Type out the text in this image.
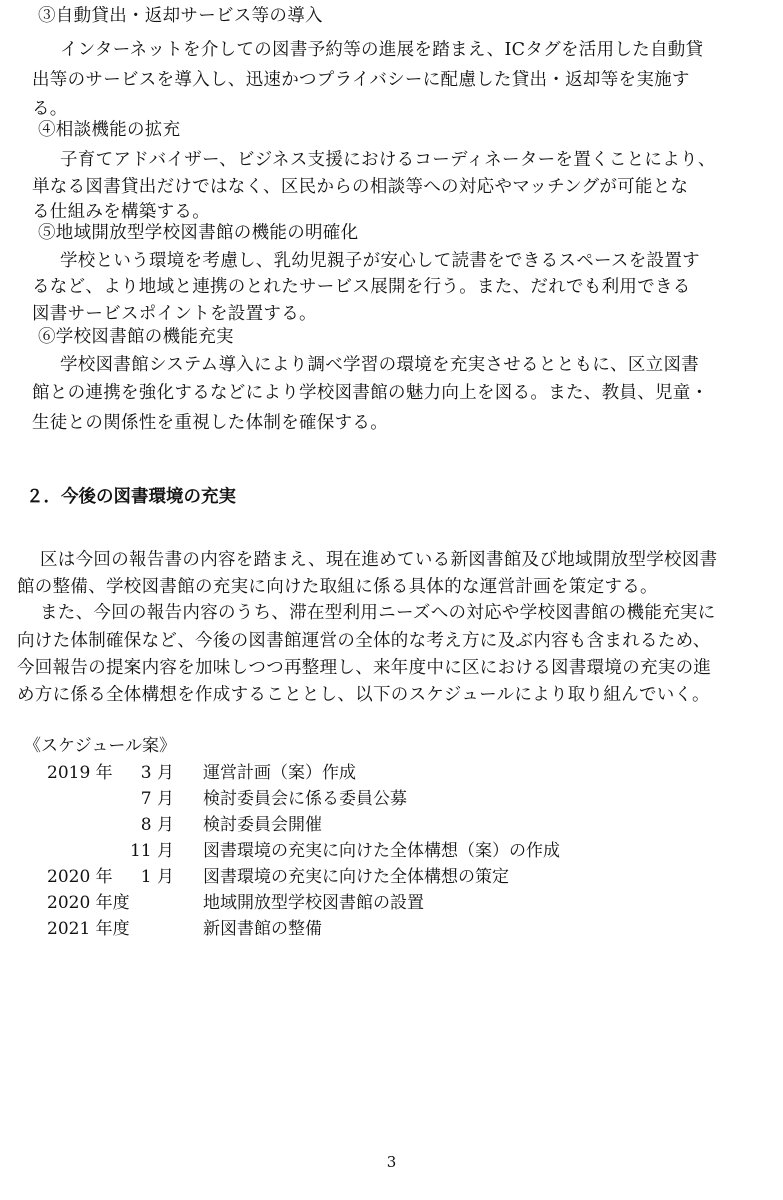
③自動貸出・返却サービス等の導入
インターネットを介しての図書予約等の進展を踏まえ、ICタグを活用した自動貸
出等のサービスを導入し、迅速かつプライバシーに配慮した貸出・返却等を実施す
る。
④相談機能の拡充
子育てアドバイザー、ビジネス支援におけるコーディネーターを置くことにより、
単なる図書貸出だけではなく、区民からの相談等への対応やマッチングが可能とな
る仕組みを構築する。
⑤地域開放型学校図書館の機能の明確化
学校という環境を考慮し、乳幼児親子が安心して読書をできるスペースを設置す
るなど、より地域と連携のとれたサービス展開を行う。また、だれでも利用できる
図書サービスポイントを設置する。
⑥学校図書館の機能充実
学校図書館システム導入により調べ学習の環境を充実させるとともに、区立図書
館との連携を強化するなどにより学校図書館の魅力向上を図る。また、教員、児童・
生徒との関係性を重視した体制を確保する。
２．今後の図書環境の充実
区は今回の報告書の内容を踏まえ、現在進めている新図書館及び地域開放型学校図書
館の整備、学校図書館の充実に向けた取組に係る具体的な運営計画を策定する。
また、今回の報告内容のうち、滞在型利用ニーズへの対応や学校図書館の機能充実に
向けた体制確保など、今後の図書館運営の全体的な考え方に及ぶ内容も含まれるため、
今回報告の提案内容を加味しつつ再整理し、来年度中に区における図書環境の充実の進
め方に係る全体構想を作成することとし、以下のスケジュールにより取り組んでいく。
《スケジュール案》
2019 年	3 月 運営計画（案）作成
7 月 検討委員会に係る委員公募
8 月 検討委員会開催
11 月 図書環境の充実に向けた全体構想（案）の作成
2020 年	1 月 図書環境の充実に向けた全体構想の策定
2020 年度	地域開放型学校図書館の設置
2021 年度	新図書館の整備
3
